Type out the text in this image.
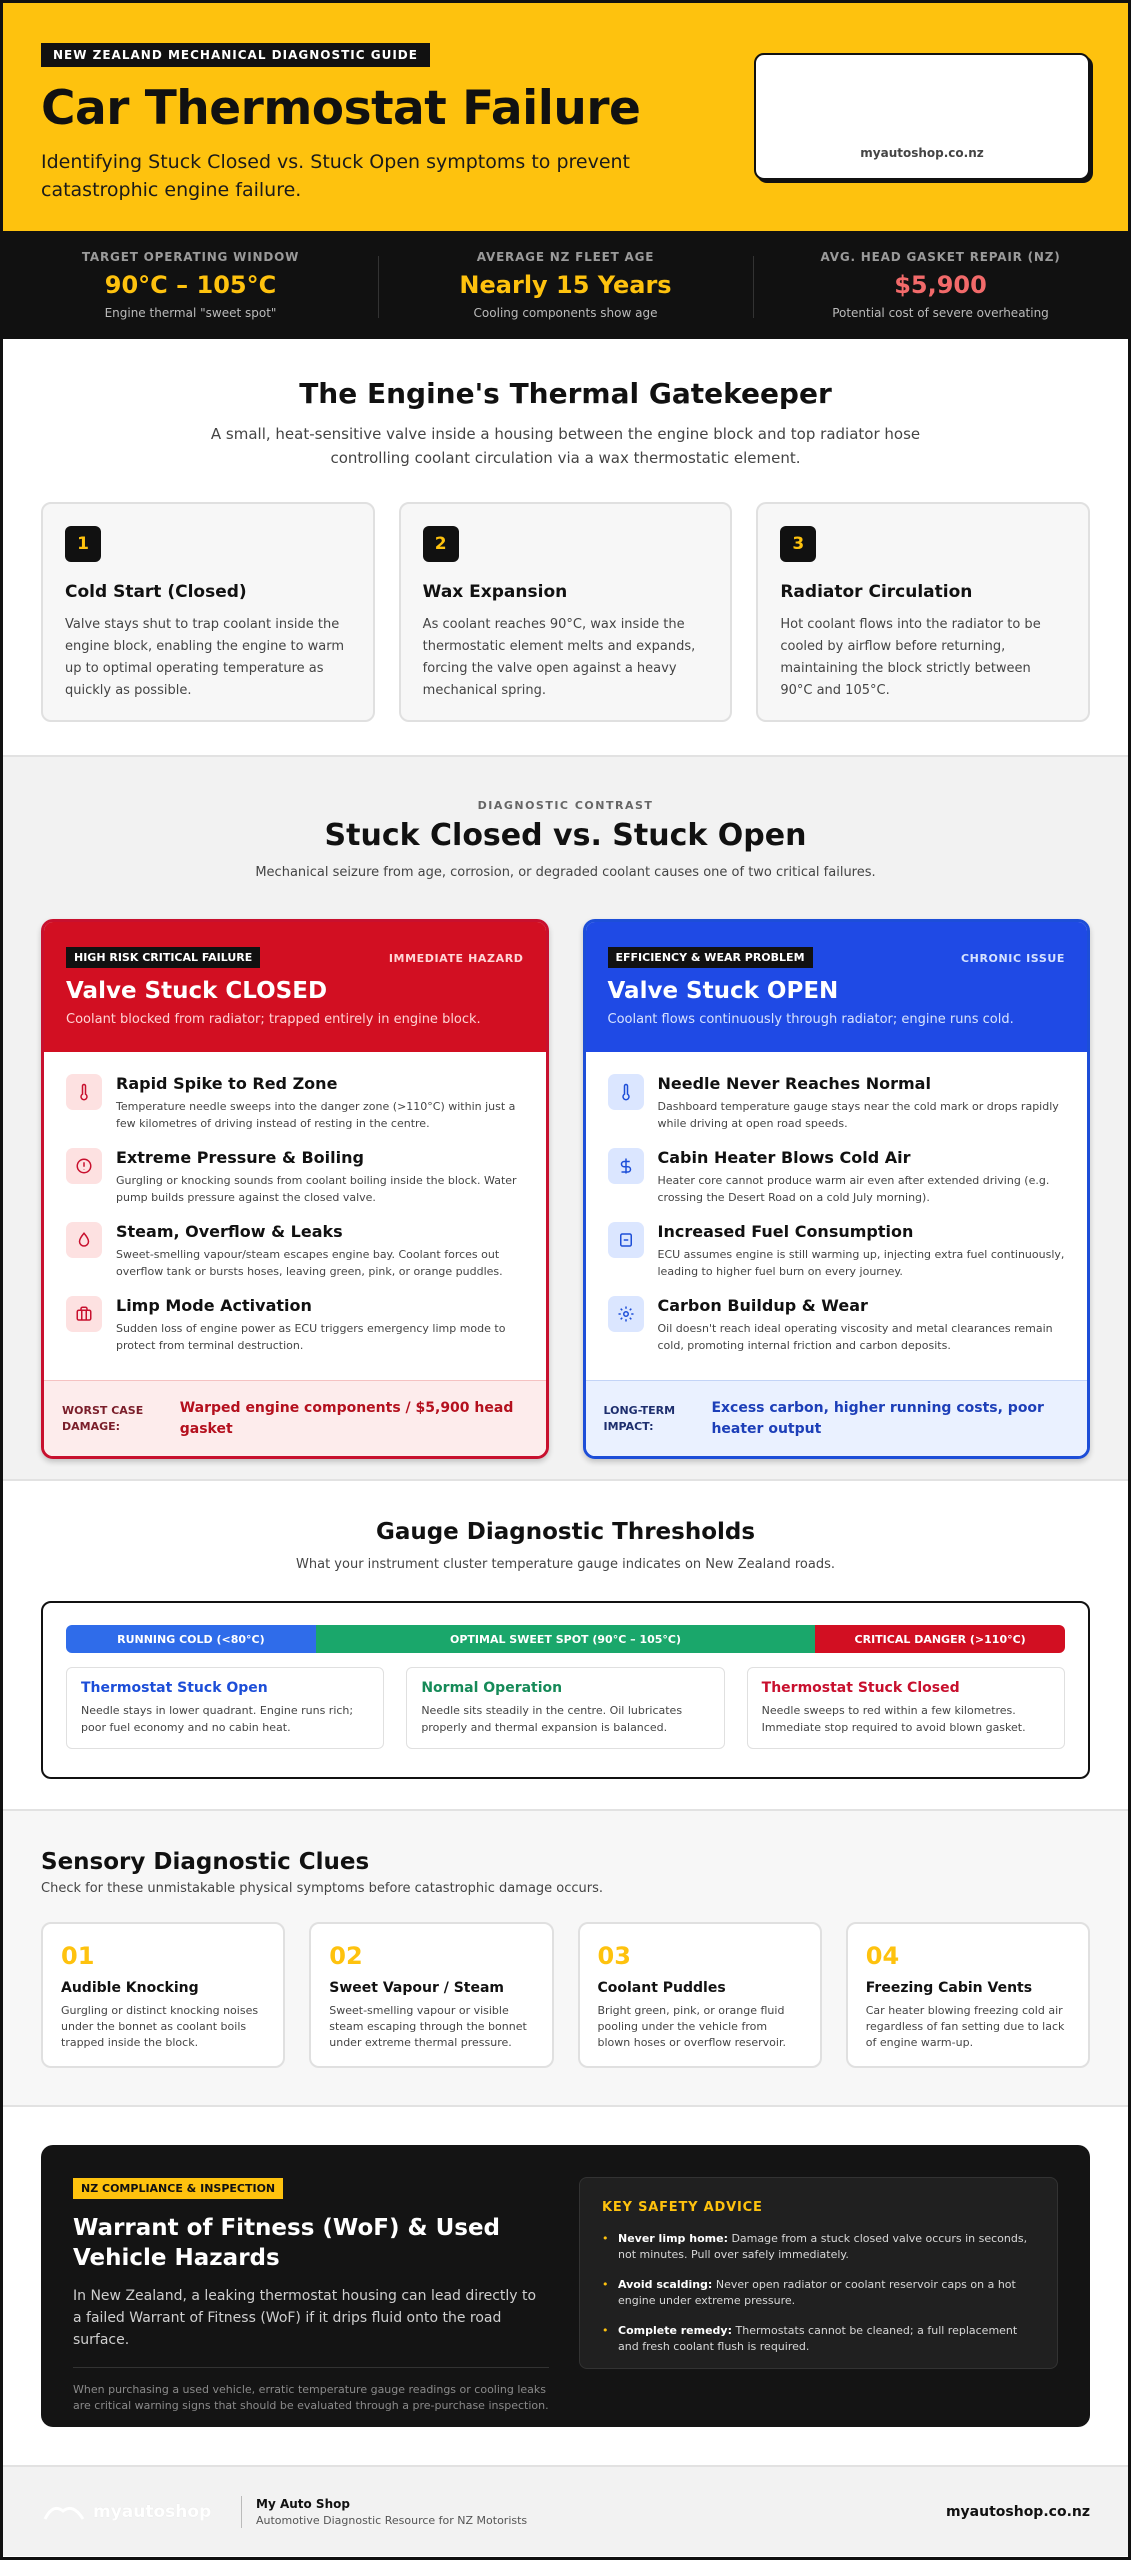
NEW ZEALAND MECHANICAL DIAGNOSTIC GUIDE
Car Thermostat Failure

Identifying Stuck Closed vs. Stuck Open symptoms to prevent catastrophic engine failure.

myautoshop.co.nz
TARGET OPERATING WINDOW
90°C – 105°C
Engine thermal "sweet spot"
AVERAGE NZ FLEET AGE
Nearly 15 Years
Cooling components show age
AVG. HEAD GASKET REPAIR (NZ)
$5,900
Potential cost of severe overheating
The Engine's Thermal Gatekeeper

A small, heat-sensitive valve inside a housing between the engine block and top radiator hose controlling coolant circulation via a wax thermostatic element.

1
Cold Start (Closed)
Valve stays shut to trap coolant inside the engine block, enabling the engine to warm up to optimal operating temperature as quickly as possible.
2
Wax Expansion
As coolant reaches 90°C, wax inside the thermostatic element melts and expands, forcing the valve open against a heavy mechanical spring.
3
Radiator Circulation
Hot coolant flows into the radiator to be cooled by airflow before returning, maintaining the block strictly between 90°C and 105°C.
DIAGNOSTIC CONTRAST
Stuck Closed vs. Stuck Open

Mechanical seizure from age, corrosion, or degraded coolant causes one of two critical failures.

HIGH RISK CRITICAL FAILURE	IMMEDIATE HAZARD
Valve Stuck CLOSED
Coolant blocked from radiator; trapped entirely in engine block.
Rapid Spike to Red Zone
Temperature needle sweeps into the danger zone (>110°C) within just a few kilometres of driving instead of resting in the centre.
Extreme Pressure & Boiling
Gurgling or knocking sounds from coolant boiling inside the block. Water pump builds pressure against the closed valve.
Steam, Overflow & Leaks
Sweet-smelling vapour/steam escapes engine bay. Coolant forces out overflow tank or bursts hoses, leaving green, pink, or orange puddles.
Limp Mode Activation
Sudden loss of engine power as ECU triggers emergency limp mode to protect from terminal destruction.
WORST CASE DAMAGE:
Warped engine components / $5,900 head gasket
EFFICIENCY & WEAR PROBLEM	CHRONIC ISSUE
Valve Stuck OPEN
Coolant flows continuously through radiator; engine runs cold.
Needle Never Reaches Normal
Dashboard temperature gauge stays near the cold mark or drops rapidly while driving at open road speeds.
Cabin Heater Blows Cold Air
Heater core cannot produce warm air even after extended driving (e.g. crossing the Desert Road on a cold July morning).
Increased Fuel Consumption
ECU assumes engine is still warming up, injecting extra fuel continuously, leading to higher fuel burn on every journey.
Carbon Buildup & Wear
Oil doesn't reach ideal operating viscosity and metal clearances remain cold, promoting internal friction and carbon deposits.
LONG-TERM IMPACT:
Excess carbon, higher running costs, poor heater output
Gauge Diagnostic Thresholds

What your instrument cluster temperature gauge indicates on New Zealand roads.

RUNNING COLD (<80°C)	OPTIMAL SWEET SPOT (90°C – 105°C)	CRITICAL DANGER (>110°C)
Thermostat Stuck Open
Needle stays in lower quadrant. Engine runs rich; poor fuel economy and no cabin heat.
Normal Operation
Needle sits steadily in the centre. Oil lubricates properly and thermal expansion is balanced.
Thermostat Stuck Closed
Needle sweeps to red within a few kilometres. Immediate stop required to avoid blown gasket.
Sensory Diagnostic Clues

Check for these unmistakable physical symptoms before catastrophic damage occurs.

01
Audible Knocking
Gurgling or distinct knocking noises under the bonnet as coolant boils trapped inside the block.
02
Sweet Vapour / Steam
Sweet-smelling vapour or visible steam escaping through the bonnet under extreme thermal pressure.
03
Coolant Puddles
Bright green, pink, or orange fluid pooling under the vehicle from blown hoses or overflow reservoir.
04
Freezing Cabin Vents
Car heater blowing freezing cold air regardless of fan setting due to lack of engine warm-up.
NZ COMPLIANCE & INSPECTION
Warrant of Fitness (WoF) & Used Vehicle Hazards

In New Zealand, a leaking thermostat housing can lead directly to a failed Warrant of Fitness (WoF) if it drips fluid onto the road surface.

When purchasing a used vehicle, erratic temperature gauge readings or cooling leaks are critical warning signs that should be evaluated through a pre-purchase inspection.

KEY SAFETY ADVICE
• Never limp home: Damage from a stuck closed valve occurs in seconds, not minutes. Pull over safely immediately.
• Avoid scalding: Never open radiator or coolant reservoir caps on a hot engine under extreme pressure.
• Complete remedy: Thermostats cannot be cleaned; a full replacement and fresh coolant flush is required.
myautoshop	My Auto Shop
Automotive Diagnostic Resource for NZ Motorists
myautoshop.co.nz
